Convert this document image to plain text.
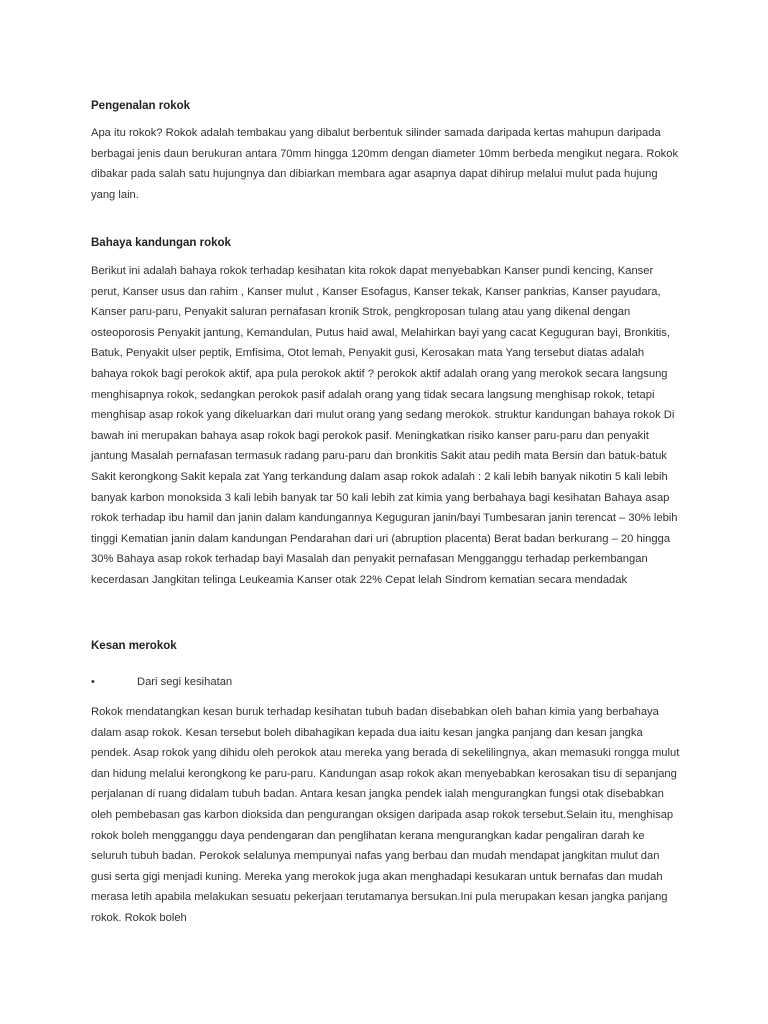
Pengenalan rokok
Apa itu rokok? Rokok adalah tembakau yang dibalut berbentuk silinder samada daripada kertas mahupun daripada berbagai jenis daun berukuran antara 70mm hingga 120mm dengan diameter 10mm berbeda mengikut negara. Rokok dibakar pada salah satu hujungnya dan dibiarkan membara agar asapnya dapat dihirup melalui mulut pada hujung yang lain.
Bahaya kandungan rokok
Berikut ini adalah bahaya rokok terhadap kesihatan kita rokok dapat menyebabkan Kanser pundi kencing, Kanser perut, Kanser usus dan rahim , Kanser mulut , Kanser Esofagus, Kanser tekak, Kanser pankrias, Kanser payudara, Kanser paru-paru, Penyakit saluran pernafasan kronik Strok, pengkroposan tulang atau yang dikenal dengan osteoporosis Penyakit jantung, Kemandulan, Putus haid awal, Melahirkan bayi yang cacat Keguguran bayi, Bronkitis, Batuk, Penyakit ulser peptik, Emfisima, Otot lemah, Penyakit gusi, Kerosakan mata Yang tersebut diatas adalah bahaya rokok bagi perokok aktif, apa pula perokok aktif ? perokok aktif adalah orang yang merokok secara langsung menghisapnya rokok, sedangkan perokok pasif adalah orang yang tidak secara langsung menghisap rokok, tetapi menghisap asap rokok yang dikeluarkan dari mulut orang yang sedang merokok. struktur kandungan bahaya rokok Di bawah ini merupakan bahaya asap rokok bagi perokok pasif. Meningkatkan risiko kanser paru-paru dan penyakit jantung Masalah pernafasan termasuk radang paru-paru dan bronkitis Sakit atau pedih mata Bersin dan batuk-batuk Sakit kerongkong Sakit kepala zat Yang terkandung dalam asap rokok adalah : 2 kali lebih banyak nikotin 5 kali lebih banyak karbon monoksida 3 kali lebih banyak tar 50 kali lebih zat kimia yang berbahaya bagi kesihatan Bahaya asap rokok terhadap ibu hamil dan janin dalam kandungannya Keguguran janin/bayi Tumbesaran janin terencat – 30% lebih tinggi Kematian janin dalam kandungan Pendarahan dari uri (abruption placenta) Berat badan berkurang – 20 hingga 30% Bahaya asap rokok terhadap bayi Masalah dan penyakit pernafasan Mengganggu terhadap perkembangan kecerdasan Jangkitan telinga Leukeamia Kanser otak 22% Cepat lelah Sindrom kematian secara mendadak
Kesan merokok
•	Dari segi kesihatan
Rokok mendatangkan kesan buruk terhadap kesihatan tubuh badan disebabkan oleh bahan kimia yang berbahaya dalam asap rokok. Kesan tersebut boleh dibahagikan kepada dua iaitu kesan jangka panjang dan kesan jangka pendek. Asap rokok yang dihidu oleh perokok atau mereka yang berada di sekelilingnya, akan memasuki rongga mulut dan hidung melalui kerongkong ke paru-paru. Kandungan asap rokok akan menyebabkan kerosakan tisu di sepanjang perjalanan di ruang didalam tubuh badan. Antara kesan jangka pendek ialah mengurangkan fungsi otak disebabkan oleh pembebasan gas karbon dioksida dan pengurangan oksigen daripada asap rokok tersebut.Selain itu, menghisap rokok boleh mengganggu daya pendengaran dan penglihatan kerana mengurangkan kadar pengaliran darah ke seluruh tubuh badan. Perokok selalunya mempunyai nafas yang berbau dan mudah mendapat jangkitan mulut dan gusi serta gigi menjadi kuning. Mereka yang merokok juga akan menghadapi kesukaran untuk bernafas dan mudah merasa letih apabila melakukan sesuatu pekerjaan terutamanya bersukan.Ini pula merupakan kesan jangka panjang rokok. Rokok boleh
